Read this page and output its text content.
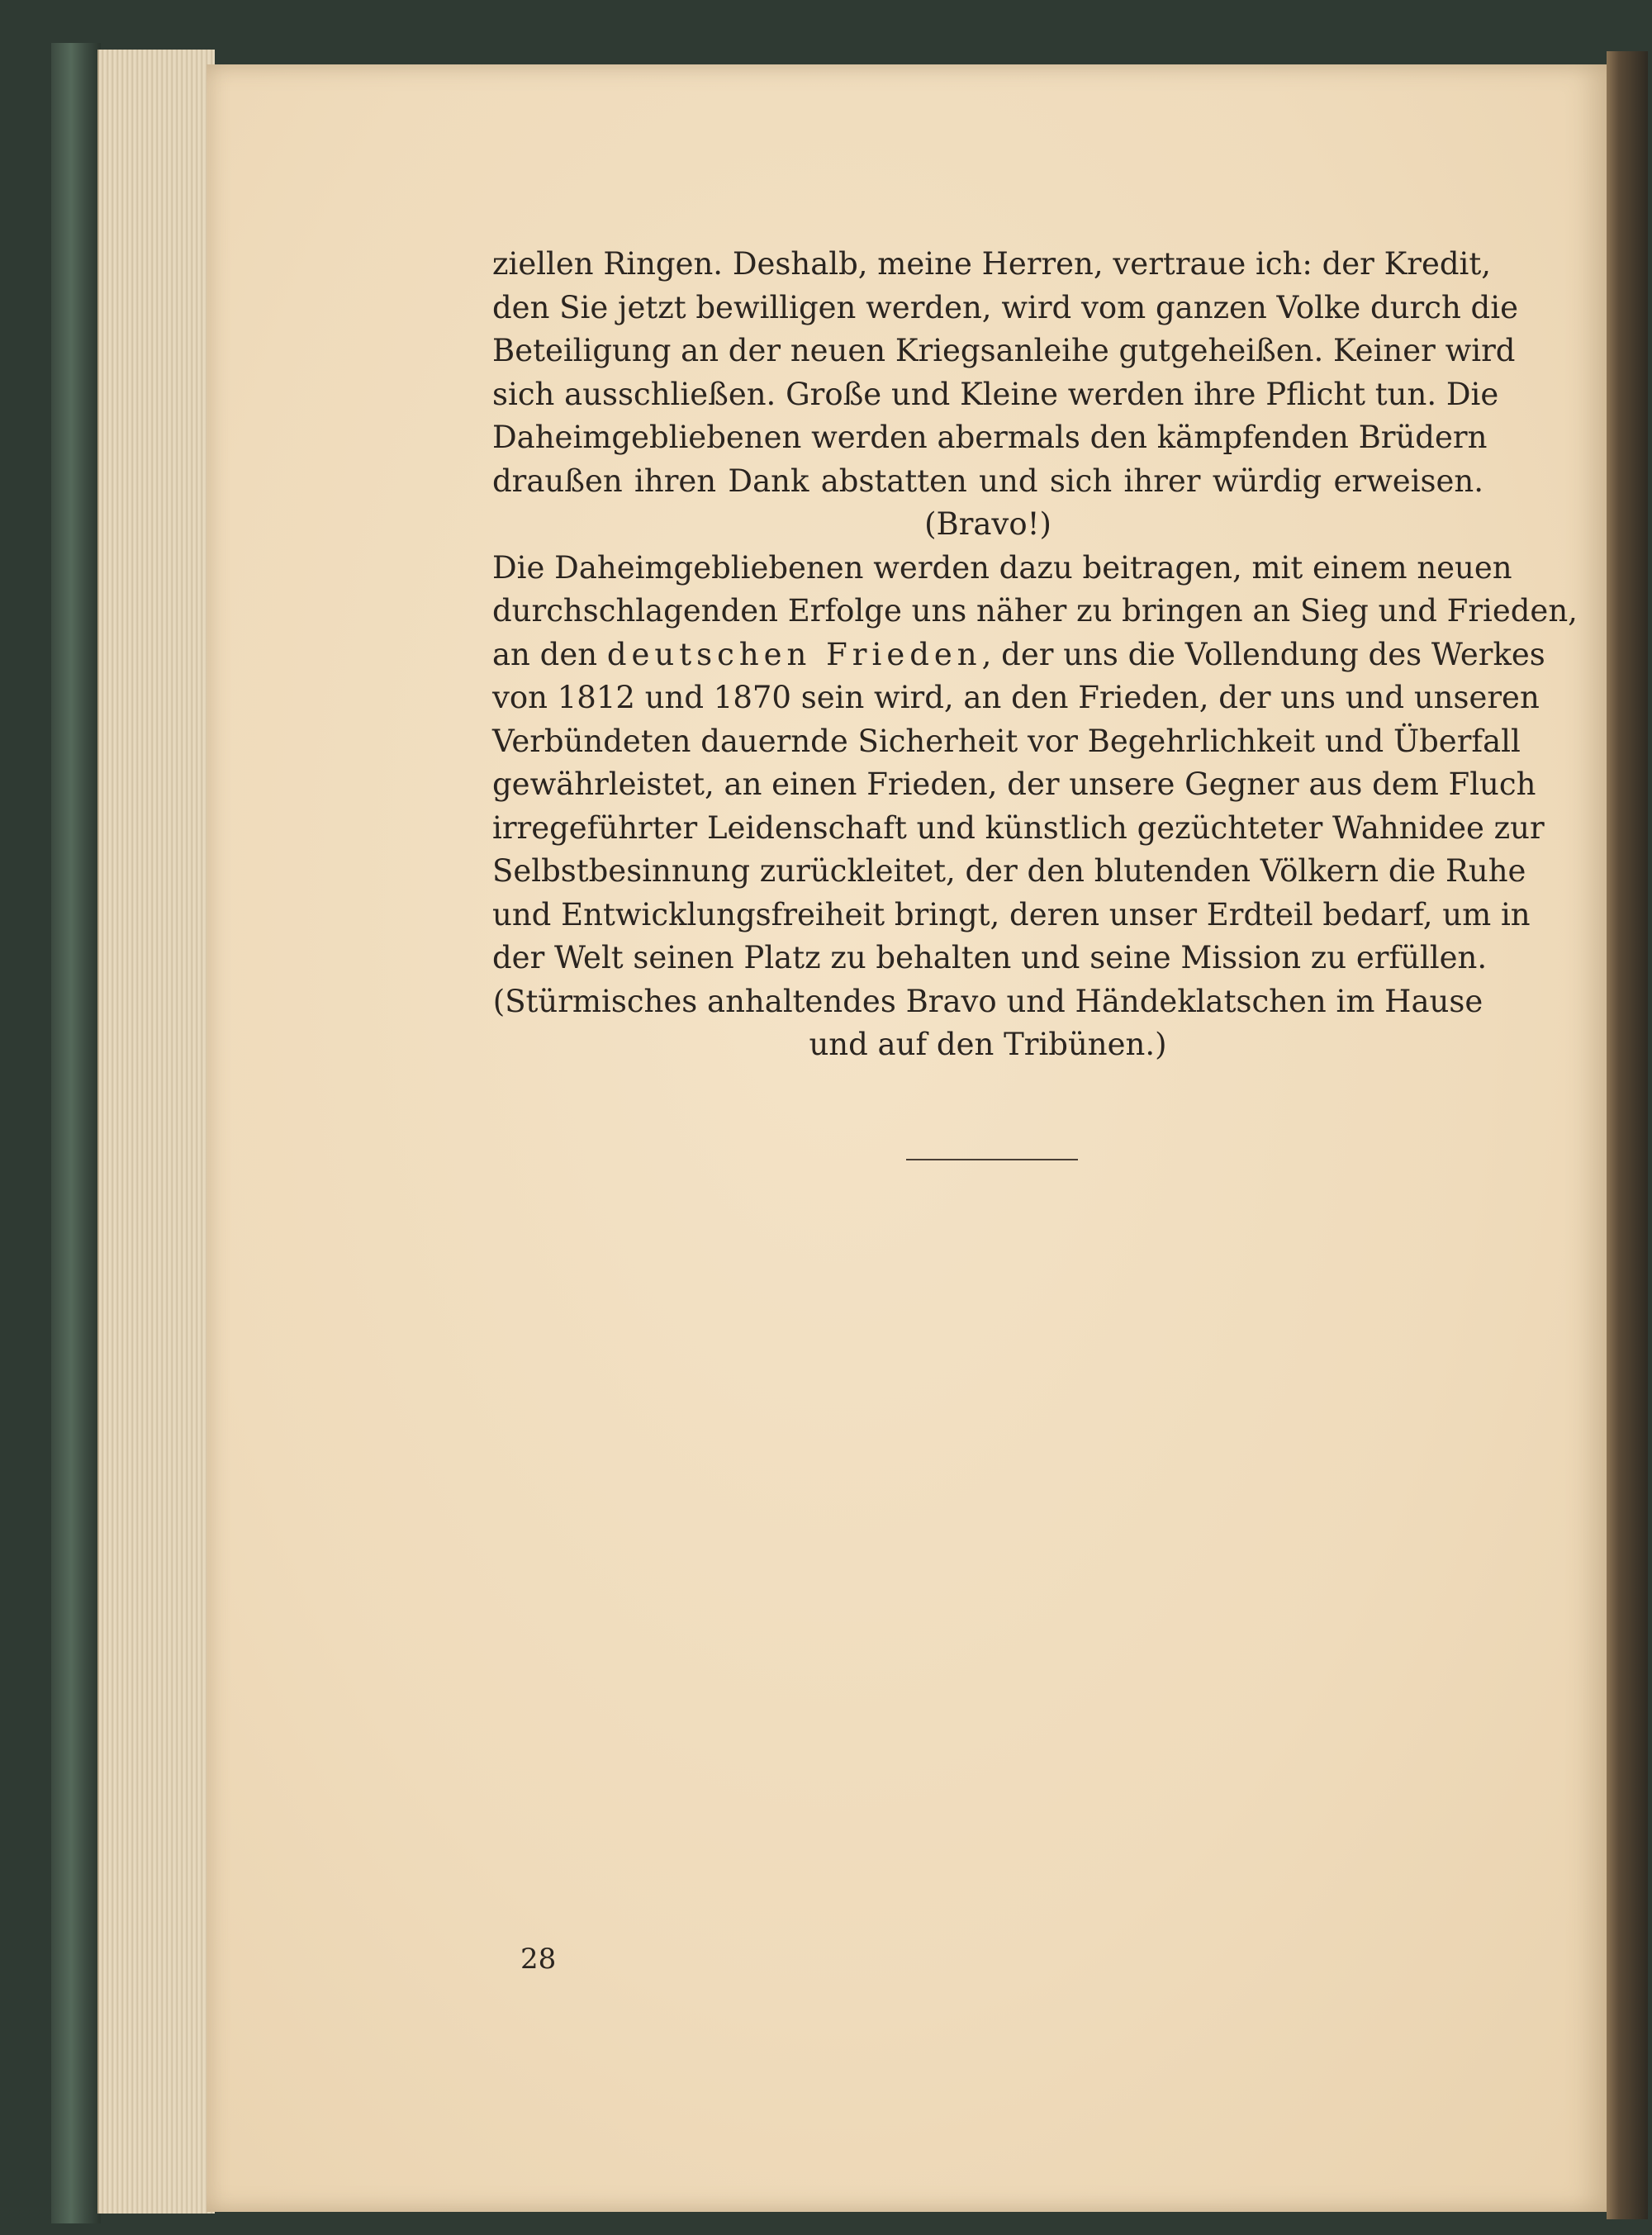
ziellen Ringen. Deshalb, meine Herren, vertraue ich: der Kredit,
den Sie jetzt bewilligen werden, wird vom ganzen Volke durch die
Beteiligung an der neuen Kriegsanleihe gutgeheißen. Keiner wird
sich ausschließen. Große und Kleine werden ihre Pflicht tun. Die
Daheimgebliebenen werden abermals den kämpfenden Brüdern
draußen ihren Dank abstatten und sich ihrer würdig erweisen.
(Bravo!)
Die Daheimgebliebenen werden dazu beitragen, mit einem neuen
durchschlagenden Erfolge uns näher zu bringen an Sieg und Frieden,
an den deutschen Frieden, der uns die Vollendung des Werkes
von 1812 und 1870 sein wird, an den Frieden, der uns und unseren
Verbündeten dauernde Sicherheit vor Begehrlichkeit und Überfall
gewährleistet, an einen Frieden, der unsere Gegner aus dem Fluch
irregeführter Leidenschaft und künstlich gezüchteter Wahnidee zur
Selbstbesinnung zurückleitet, der den blutenden Völkern die Ruhe
und Entwicklungsfreiheit bringt, deren unser Erdteil bedarf, um in
der Welt seinen Platz zu behalten und seine Mission zu erfüllen.
(Stürmisches anhaltendes Bravo und Händeklatschen im Hause
und auf den Tribünen.)
28
